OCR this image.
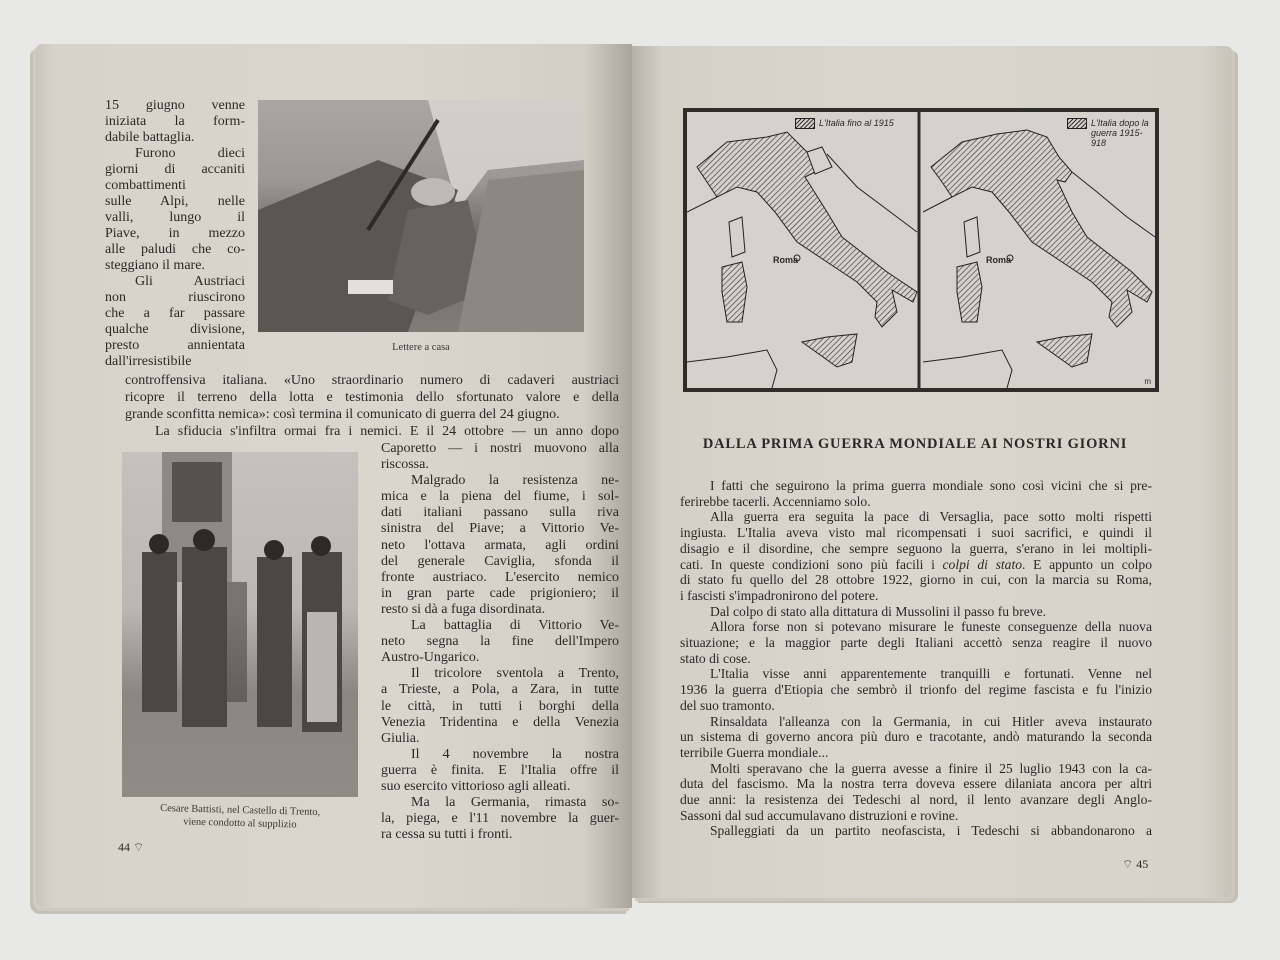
15 giugno venne
iniziata la form-
dabile battaglia.
Furono dieci
giorni di accaniti
combattimenti
sulle Alpi, nelle
valli, lungo il
Piave, in mezzo
alle paludi che co-
steggiano il mare.
Gli Austriaci
non riuscirono
che a far passare
qualche divisione,
presto annientata
dall'irresistibile
controffensiva italiana. «Uno straordinario numero di cadaveri austriaci
ricopre il terreno della lotta e testimonia dello sfortunato valore e della
grande sconfitta nemica»: così termina il comunicato di guerra del 24 giugno.
La sfiducia s'infiltra ormai fra i nemici. E il 24 ottobre — un anno dopo
Caporetto — i nostri muovono alla
riscossa.
Malgrado la resistenza ne-
mica e la piena del fiume, i sol-
dati italiani passano sulla riva
sinistra del Piave; a Vittorio Ve-
neto l'ottava armata, agli ordini
del generale Caviglia, sfonda il
fronte austriaco. L'esercito nemico
in gran parte cade prigioniero; il
resto si dà a fuga disordinata.
La battaglia di Vittorio Ve-
neto segna la fine dell'Impero
Austro-Ungarico.
Il tricolore sventola a Trento,
a Trieste, a Pola, a Zara, in tutte
le città, in tutti i borghi della
Venezia Tridentina e della Venezia
Giulia.
Il 4 novembre la nostra
guerra è finita. E l'Italia offre il
suo esercito vittorioso agli alleati.
Ma la Germania, rimasta so-
la, piega, e l'11 novembre la guer-
ra cessa su tutti i fronti.
Lettere a casa
Cesare Battisti, nel Castello di Trento,
viene condotto al supplizio
44 ⌔
L'Italia fino al 1915	L'Italia dopo la guerra 1915-918
Roma	Roma
m
DALLA PRIMA GUERRA MONDIALE AI NOSTRI GIORNI
I fatti che seguirono la prima guerra mondiale sono così vicini che si pre-
ferirebbe tacerli. Accenniamo solo.
Alla guerra era seguita la pace di Versaglia, pace sotto molti rispetti
ingiusta. L'Italia aveva visto mal ricompensati i suoi sacrifici, e quindi il
disagio e il disordine, che sempre seguono la guerra, s'erano in lei moltipli-
cati. In queste condizioni sono più facili i colpi di stato. E appunto un colpo
di stato fu quello del 28 ottobre 1922, giorno in cui, con la marcia su Roma,
i fascisti s'impadronirono del potere.
Dal colpo di stato alla dittatura di Mussolini il passo fu breve.
Allora forse non si potevano misurare le funeste conseguenze della nuova
situazione; e la maggior parte degli Italiani accettò senza reagire il nuovo
stato di cose.
L'Italia visse anni apparentemente tranquilli e fortunati. Venne nel
1936 la guerra d'Etiopia che sembrò il trionfo del regime fascista e fu l'inizio
del suo tramonto.
Rinsaldata l'alleanza con la Germania, in cui Hitler aveva instaurato
un sistema di governo ancora più duro e tracotante, andò maturando la seconda
terribile Guerra mondiale...
Molti speravano che la guerra avesse a finire il 25 luglio 1943 con la ca-
duta del fascismo. Ma la nostra terra doveva essere dilaniata ancora per altri
due anni: la resistenza dei Tedeschi al nord, il lento avanzare degli Anglo-
Sassoni dal sud accumulavano distruzioni e rovine.
Spalleggiati da un partito neofascista, i Tedeschi si abbandonarono a
⌔ 45
